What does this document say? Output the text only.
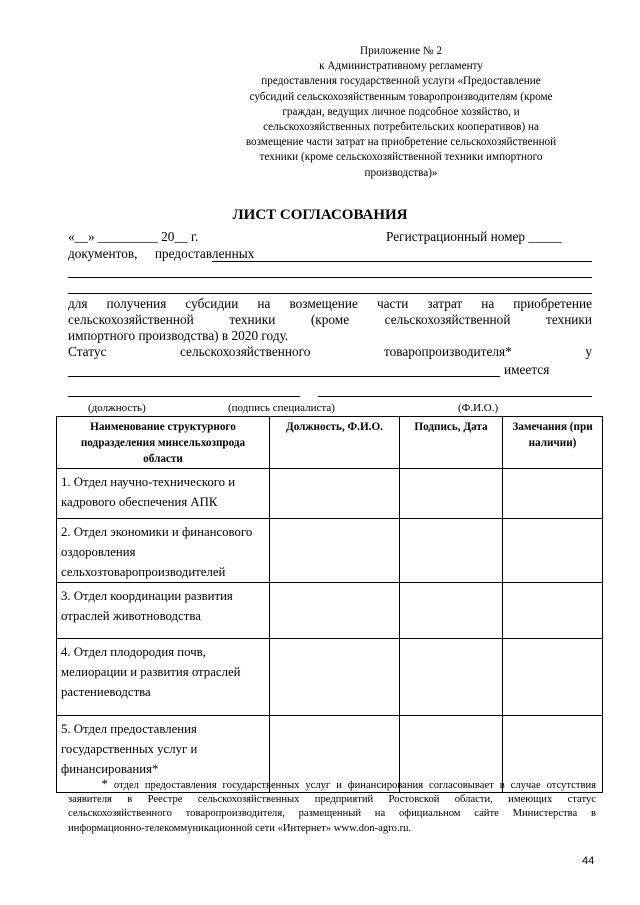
Приложение № 2
к Административному регламенту
предоставления государственной услуги «Предоставление
субсидий сельскохозяйственным товаропроизводителям (кроме
граждан, ведущих личное подсобное хозяйство, и
сельскохозяйственных потребительских кооперативов) на
возмещение части затрат на приобретение сельскохозяйственной
техники (кроме сельскохозяйственной техники импортного
производства)»
ЛИСТ СОГЛАСОВАНИЯ
«__» _________ 20__ г.	Регистрационный номер _____
документов, предоставленных
для получения субсидии на возмещение части затрат на приобретение
сельскохозяйственной техники (кроме сельскохозяйственной техники
импортного производства) в 2020 году.
Статус сельскохозяйственного товаропроизводителя* у
имеется
(должность)	(подпись специалиста)	(Ф.И.О.)
Наименование структурного подразделения минсельхозпрода области	Должность, Ф.И.О.	Подпись, Дата	Замечания (при наличии)
1. Отдел научно-технического и кадрового обеспечения АПК			
2. Отдел экономики и финансового оздоровления сельхозтоваропроизводителей			
3. Отдел координации развития отраслей животноводства			
4. Отдел плодородия почв, мелиорации и развития отраслей растениеводства			
5. Отдел предоставления государственных услуг и финансирования*			
* отдел предоставления государственных услуг и финансирования согласовывает в случае отсутствия заявителя в Реестре сельскохозяйственных предприятий Ростовской области, имеющих статус сельскохозяйственного товаропроизводителя, размещенный на официальном сайте Министерства в информационно-телекоммуникационной сети «Интернет» www.don-agro.ru.
44
